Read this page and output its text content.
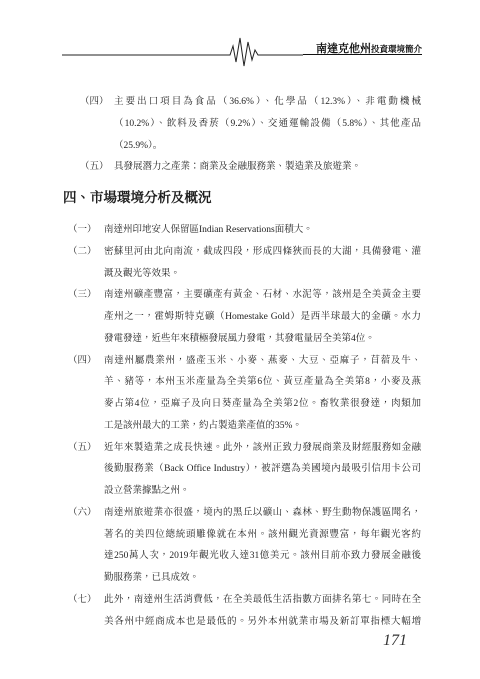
南達克他州投資環境簡介
（四） 主要出口項目為食品（36.6%）、化學品（12.3%）、非電動機械
（10.2%）、飲料及香菸（9.2%）、交通運輸設備（5.8%）、其他產品
（25.9%）。
（五） 具發展潛力之產業：商業及金融服務業、製造業及旅遊業。
四、市場環境分析及概況
（一） 南達州印地安人保留區Indian Reservations面積大。
（二） 密蘇里河由北向南流，截成四段，形成四條狹而長的大湖，具備發電、灌
溉及觀光等效果。
（三） 南達州礦產豐富，主要礦產有黃金、石材、水泥等，該州是全美黃金主要
產州之一，霍姆斯特克礦（Homestake Gold）是西半球最大的金礦。水力
發電發達，近些年來積極發展風力發電，其發電量居全美第4位。
（四） 南達州屬農業州，盛產玉米、小麥、燕麥、大豆、亞麻子，苜蓿及牛、
羊、豬等，本州玉米產量為全美第6位、黃豆產量為全美第8，小麥及燕
麥占第4位，亞麻子及向日葵產量為全美第2位。畜牧業很發達，肉類加
工是該州最大的工業，約占製造業產值的35%。
（五） 近年來製造業之成長快速。此外，該州正致力發展商業及財經服務如金融
後勤服務業（Back Office Industry），被評選為美國境內最吸引信用卡公司
設立營業據點之州。
（六） 南達州旅遊業亦很盛，境內的黑丘以礦山、森林、野生動物保護區聞名，
著名的美四位總統頭雕像就在本州。該州觀光資源豐富，每年觀光客約
達250萬人次，2019年觀光收入達31億美元。該州目前亦致力發展金融後
勤服務業，已具成效。
（七） 此外，南達州生活消費低，在全美最低生活指數方面排名第七。同時在全
美各州中經商成本也是最低的。另外本州就業市場及新訂單指標大幅增
171
